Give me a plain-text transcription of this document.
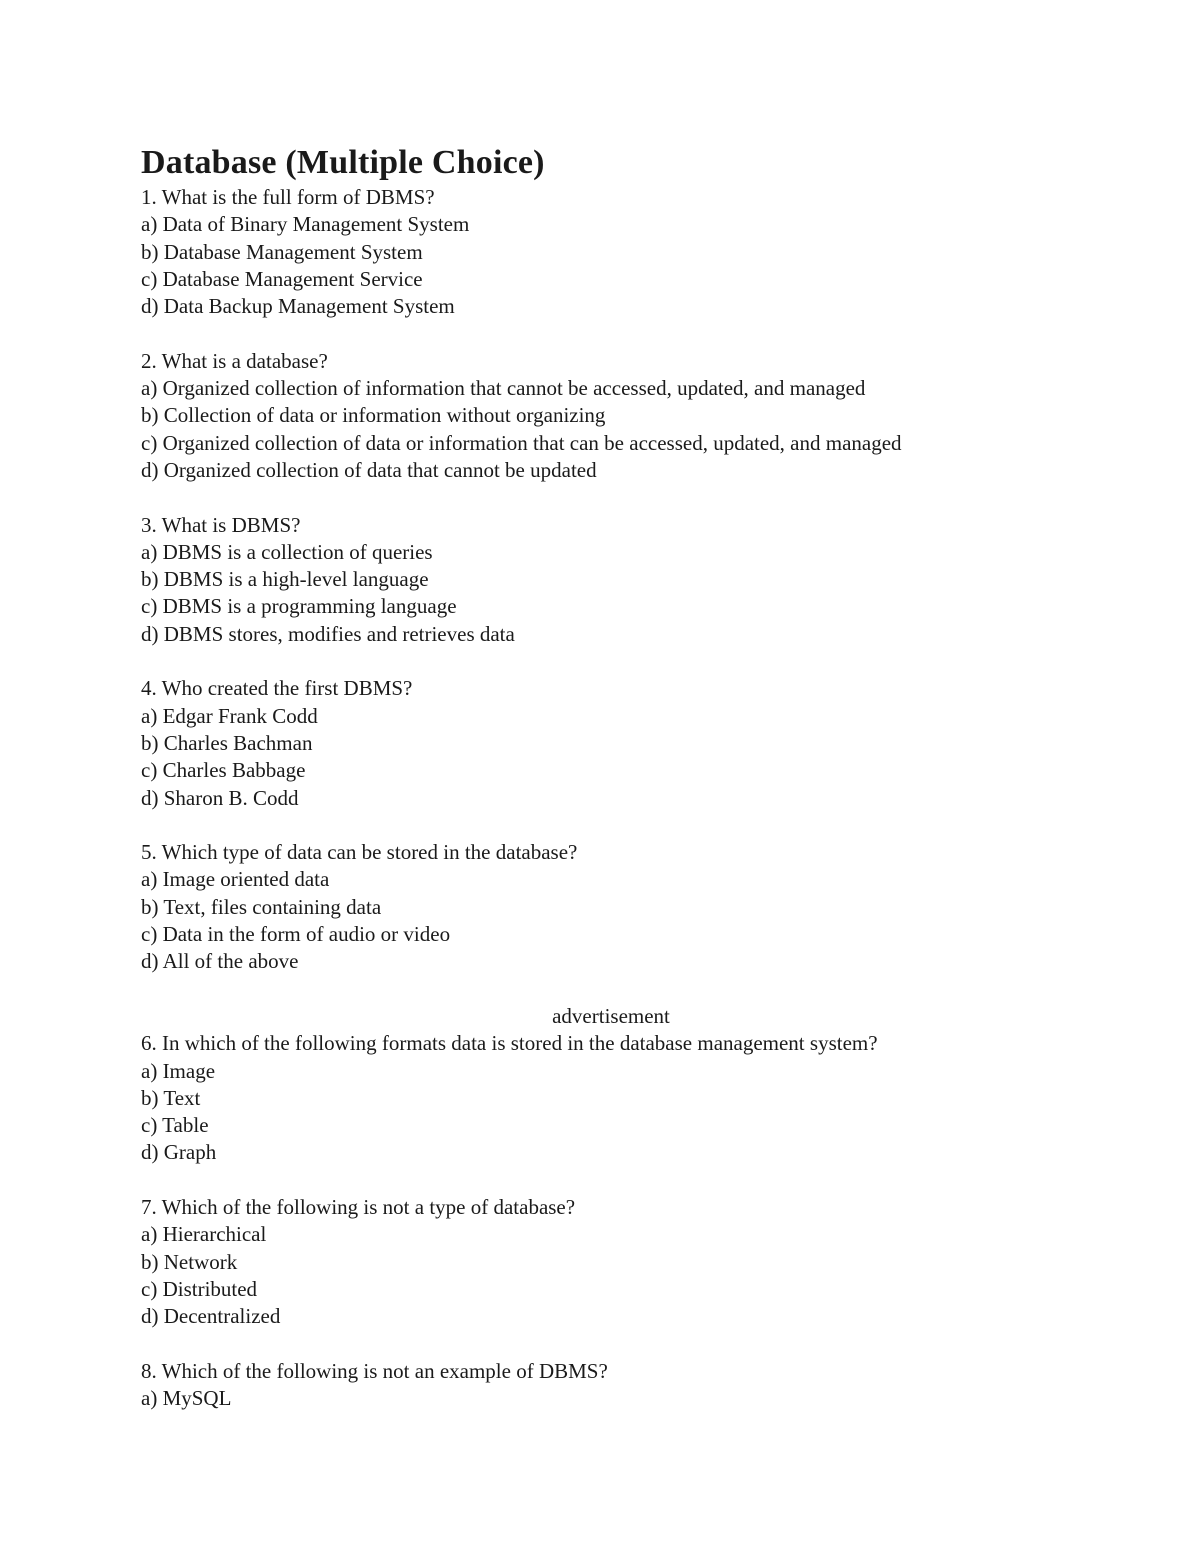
Database (Multiple Choice)
1. What is the full form of DBMS?
a) Data of Binary Management System
b) Database Management System
c) Database Management Service
d) Data Backup Management System
2. What is a database?
a) Organized collection of information that cannot be accessed, updated, and managed
b) Collection of data or information without organizing
c) Organized collection of data or information that can be accessed, updated, and managed
d) Organized collection of data that cannot be updated
3. What is DBMS?
a) DBMS is a collection of queries
b) DBMS is a high-level language
c) DBMS is a programming language
d) DBMS stores, modifies and retrieves data
4. Who created the first DBMS?
a) Edgar Frank Codd
b) Charles Bachman
c) Charles Babbage
d) Sharon B. Codd
5. Which type of data can be stored in the database?
a) Image oriented data
b) Text, files containing data
c) Data in the form of audio or video
d) All of the above
advertisement
6. In which of the following formats data is stored in the database management system?
a) Image
b) Text
c) Table
d) Graph
7. Which of the following is not a type of database?
a) Hierarchical
b) Network
c) Distributed
d) Decentralized
8. Which of the following is not an example of DBMS?
a) MySQL
